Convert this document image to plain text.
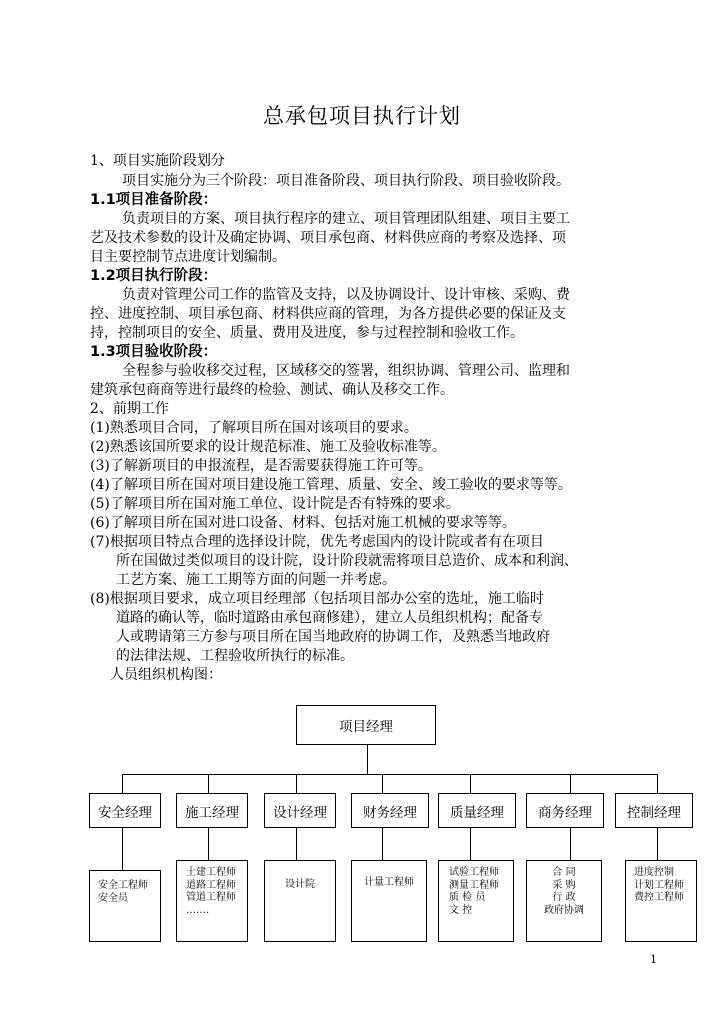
总承包项目执行计划
1、项目实施阶段划分
项目实施分为三个阶段：项目准备阶段、项目执行阶段、项目验收阶段。
1.1项目准备阶段：
负责项目的方案、项目执行程序的建立、项目管理团队组建、项目主要工
艺及技术参数的设计及确定协调、项目承包商、材料供应商的考察及选择、项
目主要控制节点进度计划编制。
1.2项目执行阶段：
负责对管理公司工作的监管及支持，以及协调设计、设计审核、采购、费
控、进度控制、项目承包商、材料供应商的管理，为各方提供必要的保证及支
持，控制项目的安全、质量、费用及进度，参与过程控制和验收工作。
1.3项目验收阶段：
全程参与验收移交过程，区域移交的签署，组织协调、管理公司、监理和
建筑承包商商等进行最终的检验、测试、确认及移交工作。
2、前期工作
(1)熟悉项目合同，了解项目所在国对该项目的要求。
(2)熟悉该国所要求的设计规范标准、施工及验收标准等。
(3)了解新项目的申报流程，是否需要获得施工许可等。
(4)了解项目所在国对项目建设施工管理、质量、安全、竣工验收的要求等等。
(5)了解项目所在国对施工单位、设计院是否有特殊的要求。
(6)了解项目所在国对进口设备、材料、包括对施工机械的要求等等。
(7)根据项目特点合理的选择设计院，优先考虑国内的设计院或者有在项目
所在国做过类似项目的设计院，设计阶段就需将项目总造价、成本和利润、
工艺方案、施工工期等方面的问题一并考虑。
(8)根据项目要求，成立项目经理部（包括项目部办公室的选址，施工临时
道路的确认等，临时道路由承包商修建），建立人员组织机构；配备专
人或聘请第三方参与项目所在国当地政府的协调工作，及熟悉当地政府
的法律法规、工程验收所执行的标准。
人员组织机构图：
项目经理
安全经理	施工经理	设计经理	财务经理	质量经理	商务经理	控制经理
安全工程师
安全员
土建工程师
道路工程师
管道工程师
…….
设计院	计量工程师
试验工程师
测量工程师
质 检 员
文 控
合 同
采 购
行 政
政府协调
进度控制
计划工程师
费控工程师
1
